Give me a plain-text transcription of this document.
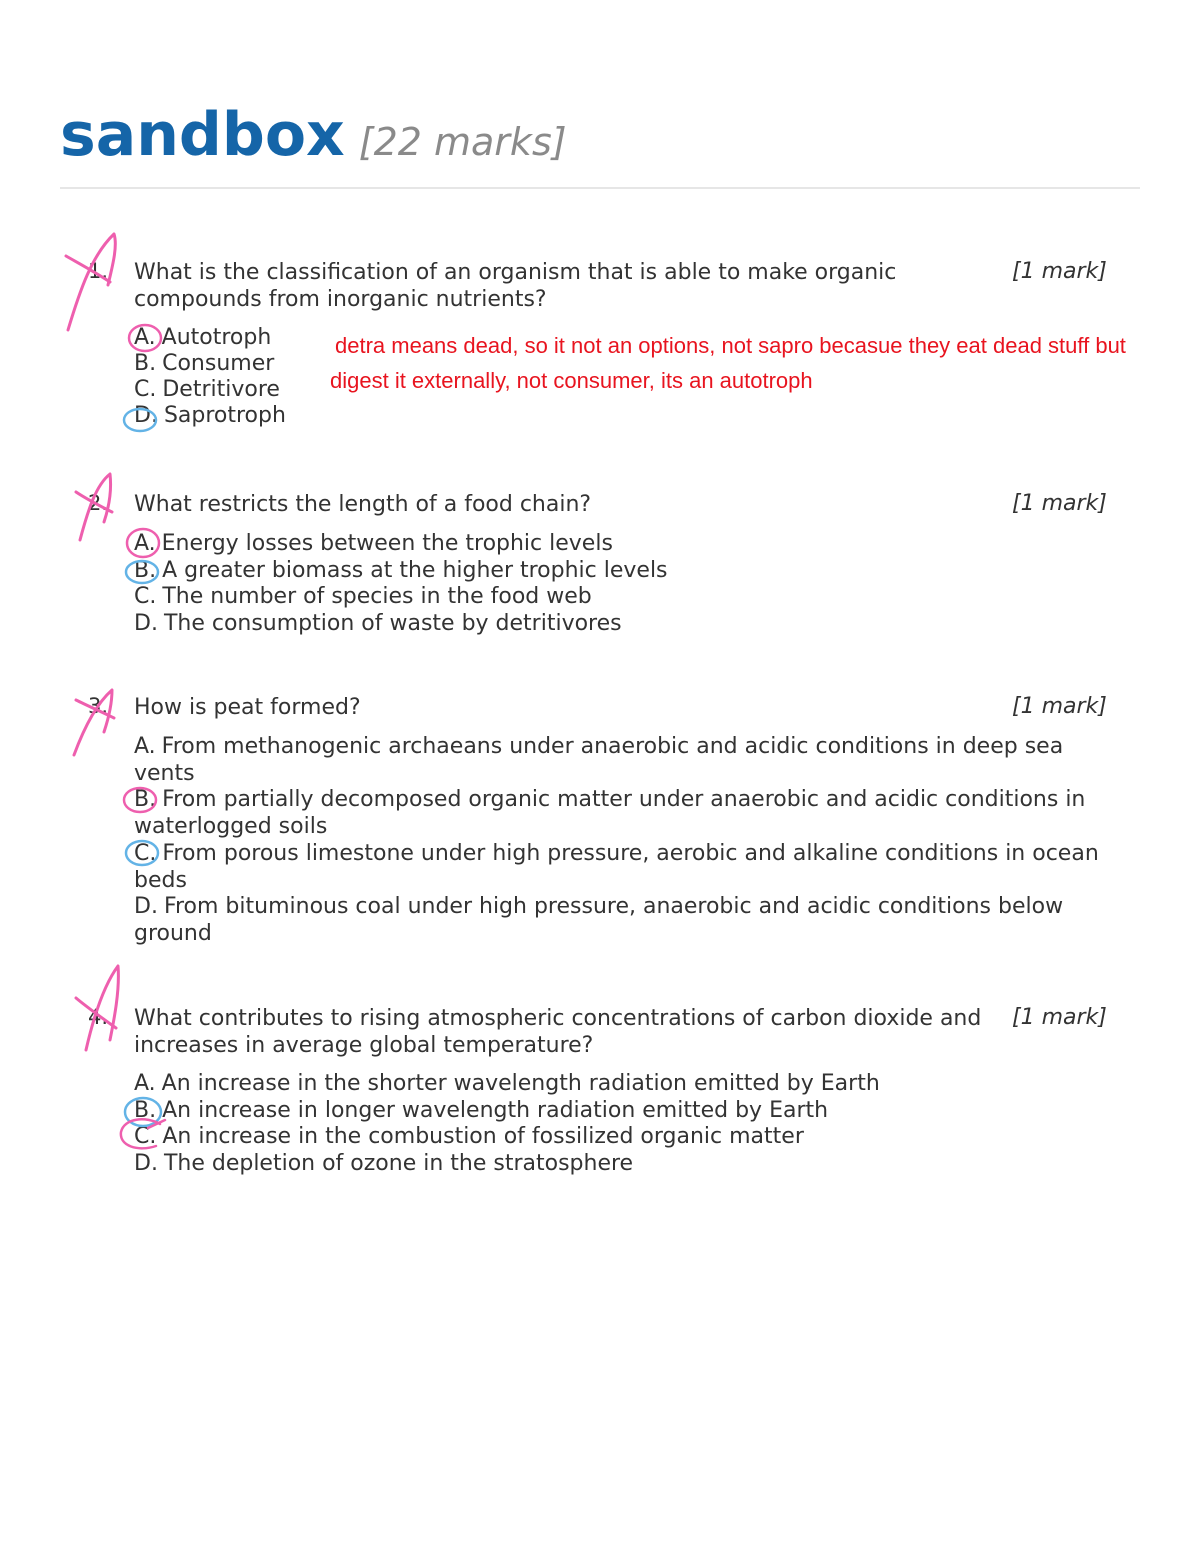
sandbox [22 marks]
1. What is the classification of an organism that is able to make organic compounds from inorganic nutrients?
[1 mark]
A. Autotroph
B. Consumer
C. Detritivore
D. Saprotroph
2. What restricts the length of a food chain?	[1 mark]
A. Energy losses between the trophic levels
B. A greater biomass at the higher trophic levels
C. The number of species in the food web
D. The consumption of waste by detritivores
3. How is peat formed?	[1 mark]
A. From methanogenic archaeans under anaerobic and acidic conditions in deep sea vents
B. From partially decomposed organic matter under anaerobic and acidic conditions in waterlogged soils
C. From porous limestone under high pressure, aerobic and alkaline conditions in ocean beds
D. From bituminous coal under high pressure, anaerobic and acidic conditions below ground
4. What contributes to rising atmospheric concentrations of carbon dioxide and increases in average global temperature?
[1 mark]
A. An increase in the shorter wavelength radiation emitted by Earth
B. An increase in longer wavelength radiation emitted by Earth
C. An increase in the combustion of fossilized organic matter
D. The depletion of ozone in the stratosphere
detra means dead, so it not an options, not sapro becasue they eat dead stuff but
digest it externally, not consumer, its an autotroph
